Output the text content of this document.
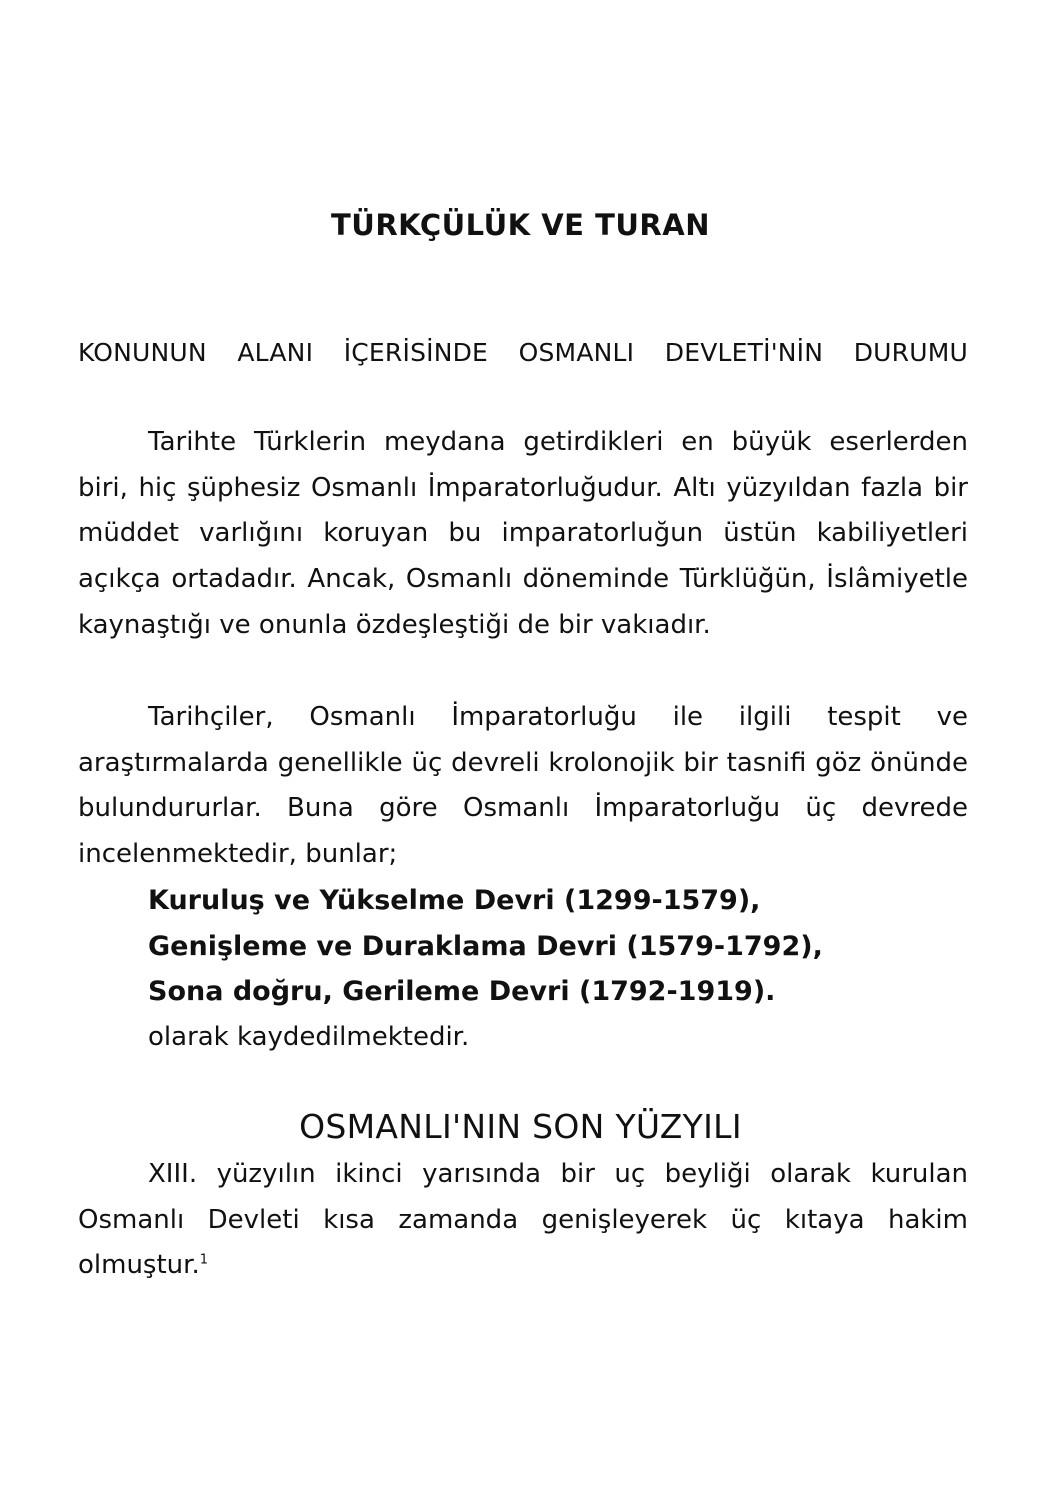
TÜRKÇÜLÜK VE TURAN
KONUNUN ALANI İÇERİSİNDE OSMANLI DEVLETİ'NİN DURUMU

Tarihte Türklerin meydana getirdikleri en büyük eserlerden biri, hiç şüphesiz Osmanlı İmparatorluğudur. Altı yüzyıldan fazla bir müddet varlığını koruyan bu imparatorluğun üstün kabiliyetleri açıkça ortadadır. Ancak, Osmanlı döneminde Türklüğün, İslâmiyetle kaynaştığı ve onunla özdeşleştiği de bir vakıadır.

Tarihçiler, Osmanlı İmparatorluğu ile ilgili tespit ve araştırmalarda genellikle üç devreli krolonojik bir tasnifi göz önünde bulundururlar. Buna göre Osmanlı İmparatorluğu üç devrede incelenmektedir, bunlar;

Kuruluş ve Yükselme Devri (1299-1579),
Genişleme ve Duraklama Devri (1579-1792),
Sona doğru, Gerileme Devri (1792-1919).
olarak kaydedilmektedir.
OSMANLI'NIN SON YÜZYILI

XIII. yüzyılın ikinci yarısında bir uç beyliği olarak kurulan Osmanlı Devleti kısa zamanda genişleyerek üç kıtaya hakim olmuştur.$^1$
